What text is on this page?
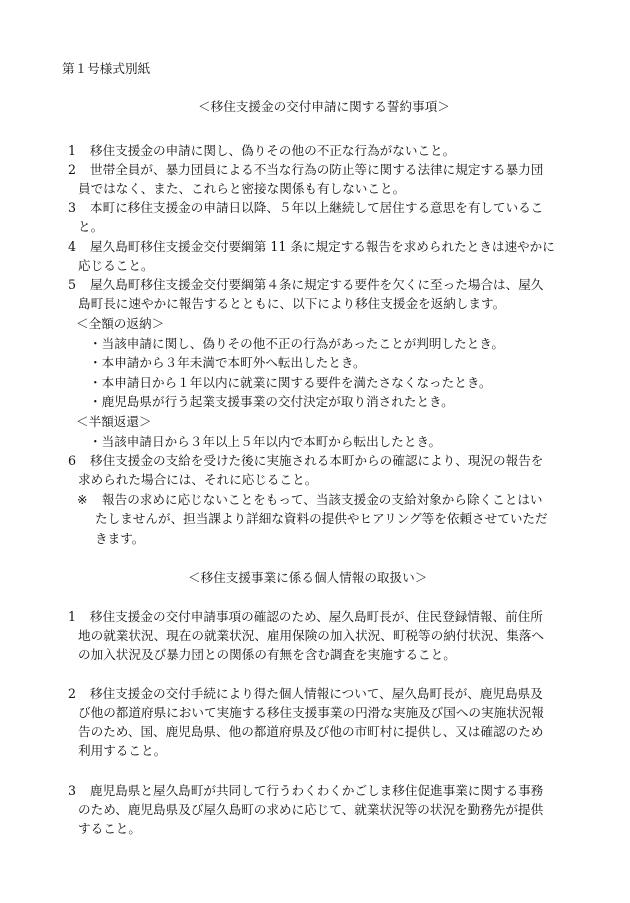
第１号様式別紙
＜移住支援金の交付申請に関する誓約事項＞
1 移住支援金の申請に関し、偽りその他の不正な行為がないこと。
2 世帯全員が、暴力団員による不当な行為の防止等に関する法律に規定する暴力団
員ではなく、また、これらと密接な関係も有しないこと。
3 本町に移住支援金の申請日以降、５年以上継続して居住する意思を有しているこ
と。
4 屋久島町移住支援金交付要綱第 11 条に規定する報告を求められたときは速やかに
応じること。
5 屋久島町移住支援金交付要綱第４条に規定する要件を欠くに至った場合は、屋久
島町長に速やかに報告するとともに、以下により移住支援金を返納します。
＜全額の返納＞
・当該申請に関し、偽りその他不正の行為があったことが判明したとき。
・本申請から３年未満で本町外へ転出したとき。
・本申請日から１年以内に就業に関する要件を満たさなくなったとき。
・鹿児島県が行う起業支援事業の交付決定が取り消されたとき。
＜半額返還＞
・当該申請日から３年以上５年以内で本町から転出したとき。
6 移住支援金の支給を受けた後に実施される本町からの確認により、現況の報告を
求められた場合には、それに応じること。
※ 報告の求めに応じないことをもって、当該支援金の支給対象から除くことはい
たしませんが、担当課より詳細な資料の提供やヒアリング等を依頼させていただ
きます。
＜移住支援事業に係る個人情報の取扱い＞
1 移住支援金の交付申請事項の確認のため、屋久島町長が、住民登録情報、前住所
地の就業状況、現在の就業状況、雇用保険の加入状況、町税等の納付状況、集落へ
の加入状況及び暴力団との関係の有無を含む調査を実施すること。
2 移住支援金の交付手続により得た個人情報について、屋久島町長が、鹿児島県及
び他の都道府県において実施する移住支援事業の円滑な実施及び国への実施状況報
告のため、国、鹿児島県、他の都道府県及び他の市町村に提供し、又は確認のため
利用すること。
3 鹿児島県と屋久島町が共同して行うわくわくかごしま移住促進事業に関する事務
のため、鹿児島県及び屋久島町の求めに応じて、就業状況等の状況を勤務先が提供
すること。
